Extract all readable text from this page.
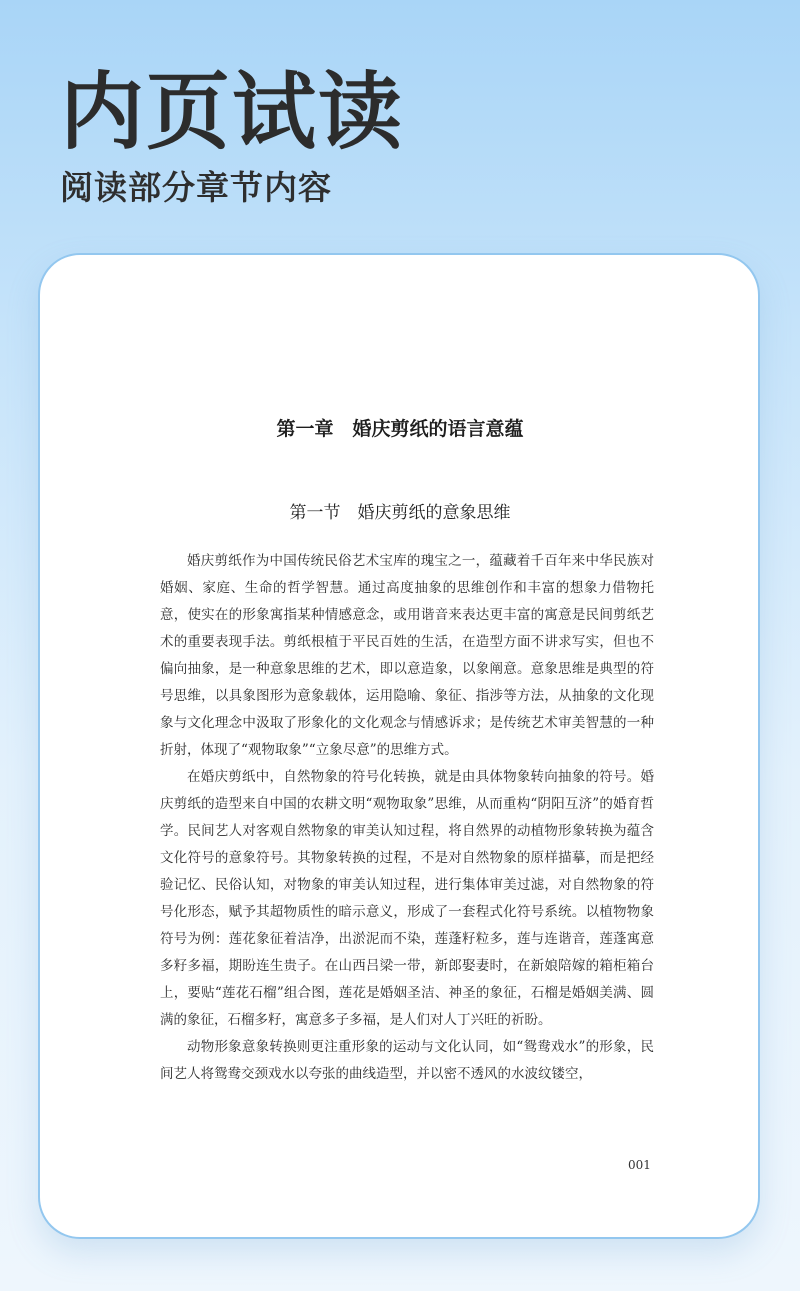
内页试读
阅读部分章节内容
第一章　婚庆剪纸的语言意蕴
第一节　婚庆剪纸的意象思维

婚庆剪纸作为中国传统民俗艺术宝库的瑰宝之一，蕴藏着千百年来中华民族对婚姻、家庭、生命的哲学智慧。通过高度抽象的思维创作和丰富的想象力借物托意，使实在的形象寓指某种情感意念，或用谐音来表达更丰富的寓意是民间剪纸艺术的重要表现手法。剪纸根植于平民百姓的生活，在造型方面不讲求写实，但也不偏向抽象，是一种意象思维的艺术，即以意造象，以象阐意。意象思维是典型的符号思维，以具象图形为意象载体，运用隐喻、象征、指涉等方法，从抽象的文化现象与文化理念中汲取了形象化的文化观念与情感诉求；是传统艺术审美智慧的一种折射，体现了“观物取象”“立象尽意”的思维方式。

在婚庆剪纸中，自然物象的符号化转换，就是由具体物象转向抽象的符号。婚庆剪纸的造型来自中国的农耕文明“观物取象”思维，从而重构“阴阳互济”的婚育哲学。民间艺人对客观自然物象的审美认知过程，将自然界的动植物形象转换为蕴含文化符号的意象符号。其物象转换的过程，不是对自然物象的原样描摹，而是把经验记忆、民俗认知，对物象的审美认知过程，进行集体审美过滤，对自然物象的符号化形态，赋予其超物质性的暗示意义，形成了一套程式化符号系统。以植物物象符号为例：莲花象征着洁净，出淤泥而不染，莲蓬籽粒多，莲与连谐音，莲蓬寓意多籽多福，期盼连生贵子。在山西吕梁一带，新郎娶妻时，在新娘陪嫁的箱柜箱台上，要贴“莲花石榴”组合图，莲花是婚姻圣洁、神圣的象征，石榴是婚姻美满、圆满的象征，石榴多籽，寓意多子多福，是人们对人丁兴旺的祈盼。

动物形象意象转换则更注重形象的运动与文化认同，如“鸳鸯戏水”的形象，民间艺人将鸳鸯交颈戏水以夸张的曲线造型，并以密不透风的水波纹镂空，

001
